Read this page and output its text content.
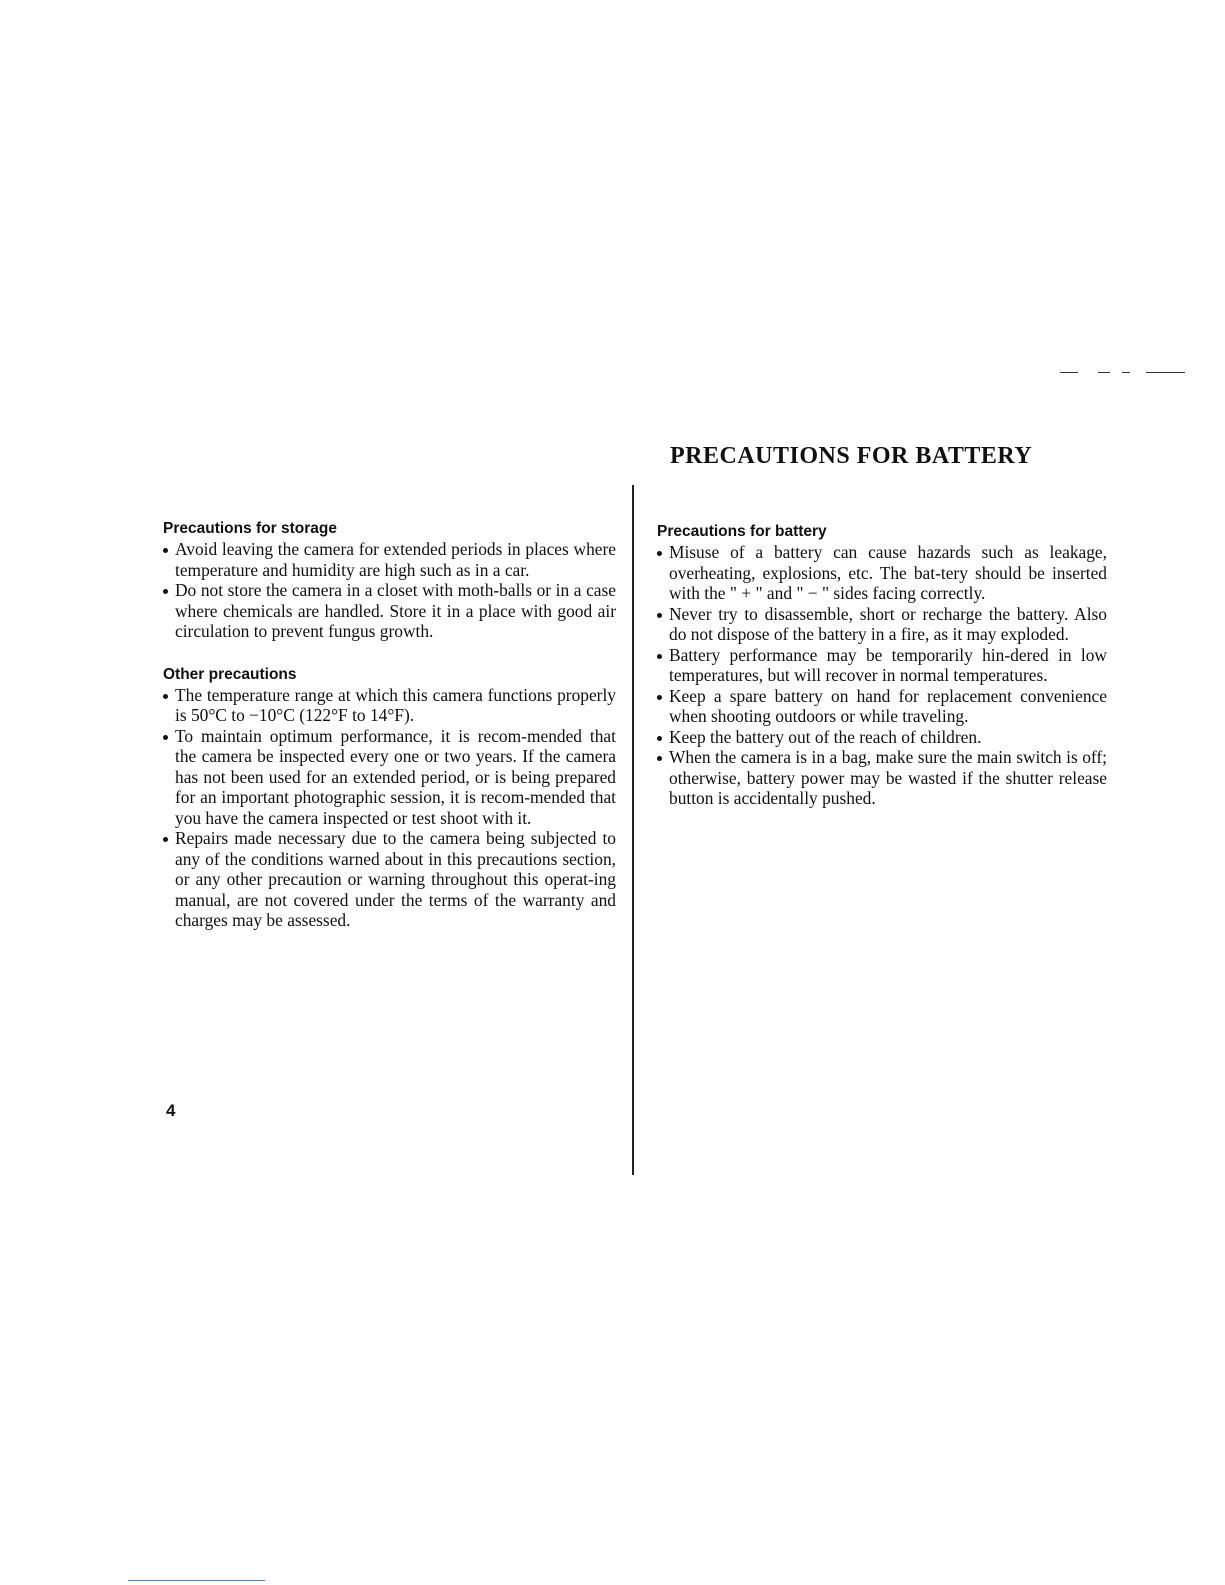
PRECAUTIONS FOR BATTERY
Precautions for storage
Avoid leaving the camera for extended periods in places where temperature and humidity are high such as in a car.
Do not store the camera in a closet with moth-balls or in a case where chemicals are handled. Store it in a place with good air circulation to prevent fungus growth.
Other precautions
The temperature range at which this camera functions properly is 50°C to −10°C (122°F to 14°F).
To maintain optimum performance, it is recom-mended that the camera be inspected every one or two years. If the camera has not been used for an extended period, or is being prepared for an important photographic session, it is recom-mended that you have the camera inspected or test shoot with it.
Repairs made necessary due to the camera being subjected to any of the conditions warned about in this precautions section, or any other precaution or warning throughout this operat-ing manual, are not covered under the terms of the warranty and charges may be assessed.
Precautions for battery
Misuse of a battery can cause hazards such as leakage, overheating, explosions, etc. The bat-tery should be inserted with the " + " and " − " sides facing correctly.
Never try to disassemble, short or recharge the battery. Also do not dispose of the battery in a fire, as it may exploded.
Battery performance may be temporarily hin-dered in low temperatures, but will recover in normal temperatures.
Keep a spare battery on hand for replacement convenience when shooting outdoors or while traveling.
Keep the battery out of the reach of children.
When the camera is in a bag, make sure the main switch is off; otherwise, battery power may be wasted if the shutter release button is accidentally pushed.
4
